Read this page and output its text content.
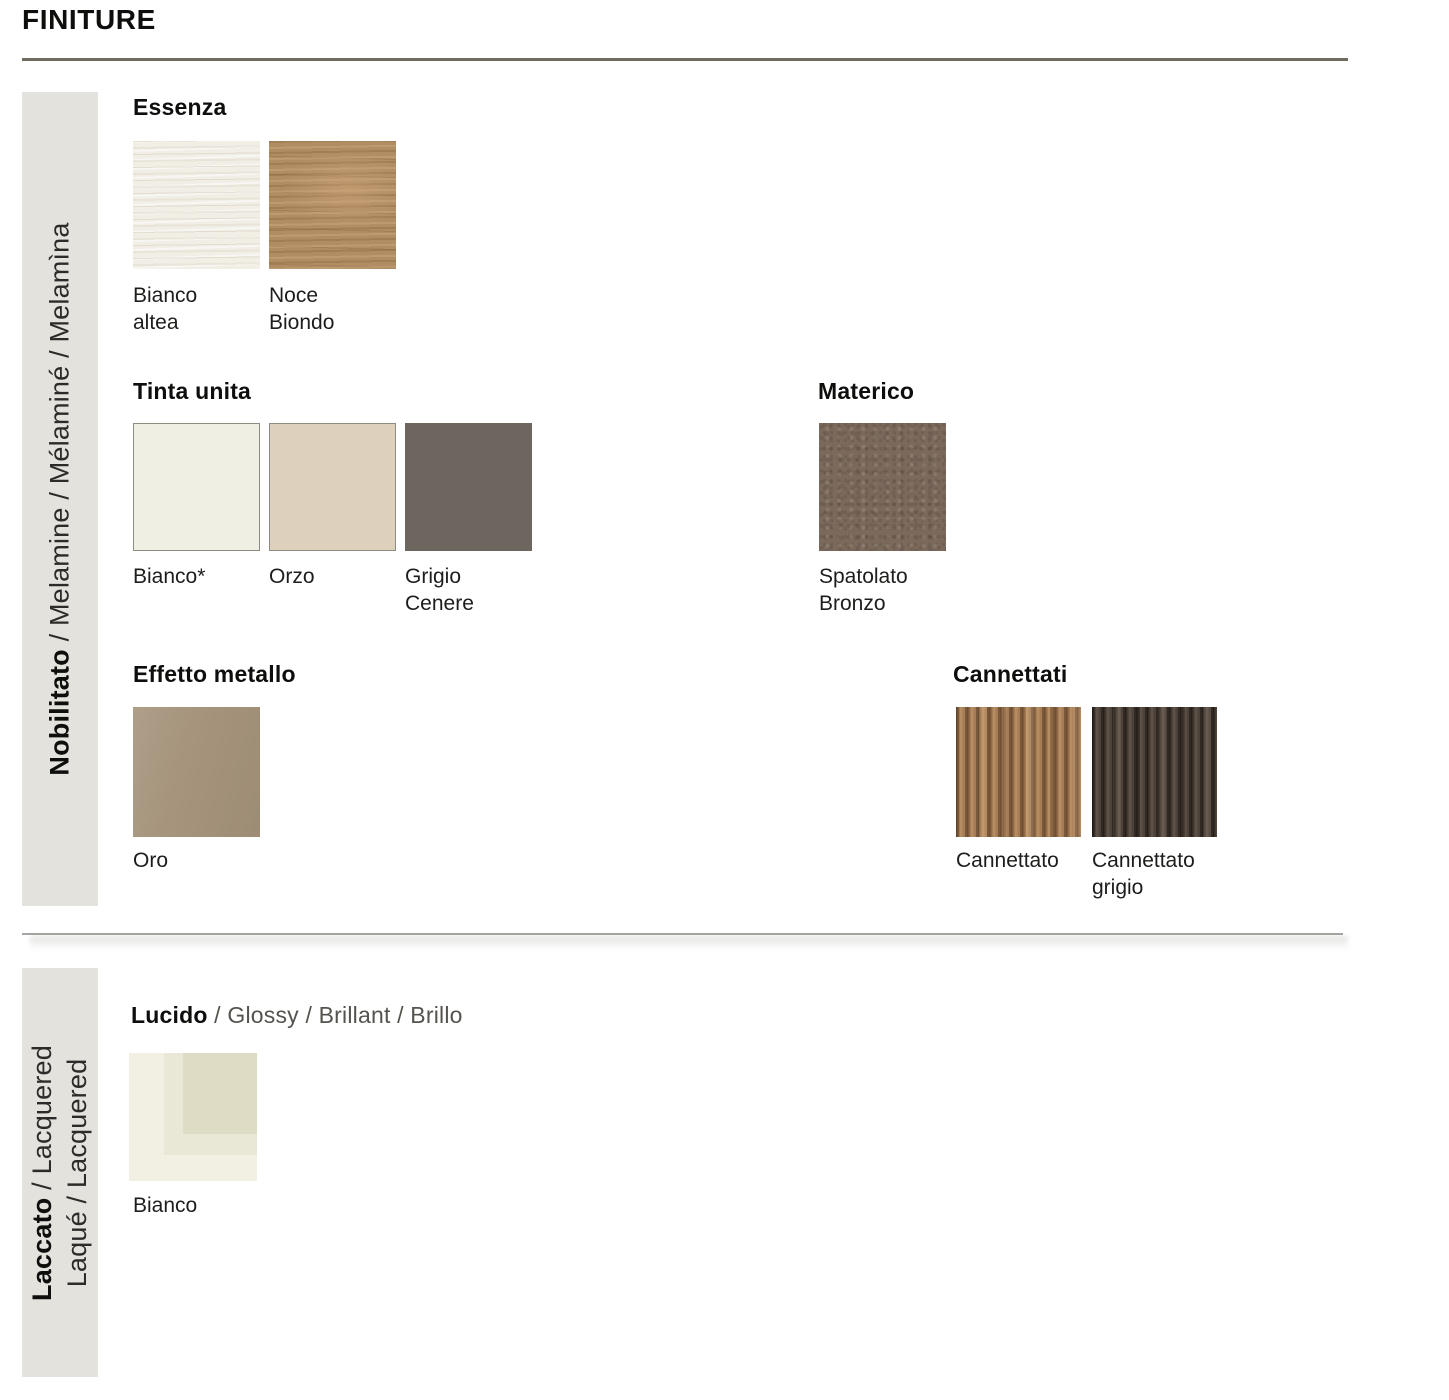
FINITURE
Nobilitato / Melamine / Mélaminé / Melamìna
Essenza
Bianco altea
Noce Biondo
Tinta unita
Bianco*	Orzo	Grigio Cenere
Materico
Spatolato Bronzo
Effetto metallo
Oro
Cannettati
Cannettato	Cannettato grigio
Laccato / Lacquered Laqué / Lacquered
Lucido / Glossy / Brillant / Brillo
Bianco
